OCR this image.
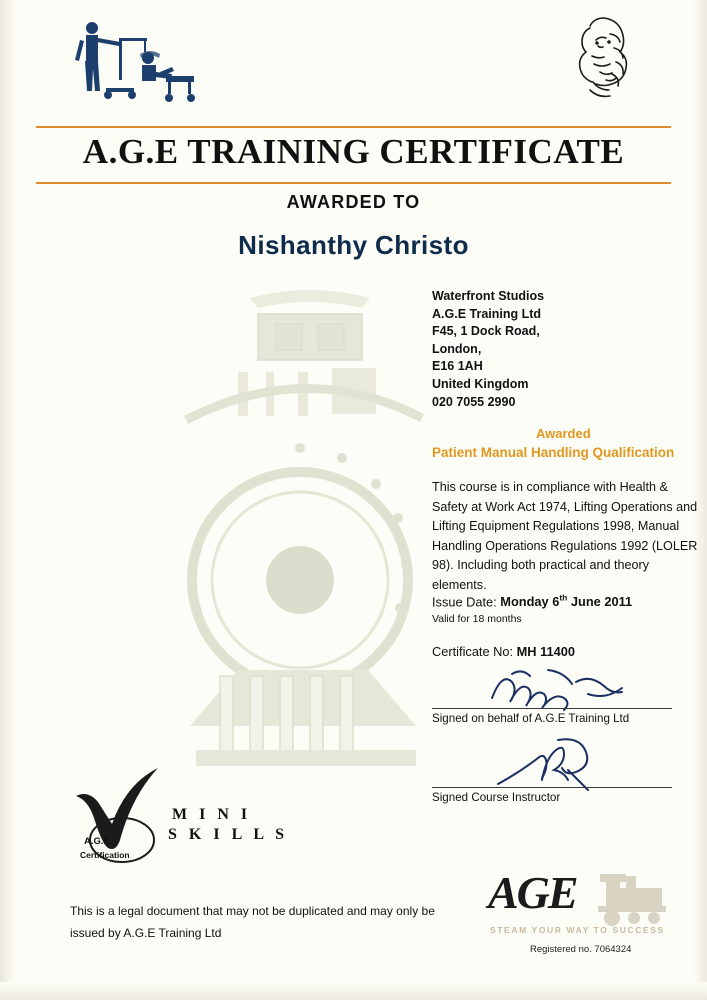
A.G.E TRAINING CERTIFICATE
AWARDED TO
Nishanthy Christo
Waterfront Studios
A.G.E Training Ltd
F45, 1 Dock Road,
London,
E16 1AH
United Kingdom
020 7055 2990
Awarded
Patient Manual Handling Qualification
This course is in compliance with Health & Safety at Work Act 1974, Lifting Operations and Lifting Equipment Regulations 1998, Manual Handling Operations Regulations 1992 (LOLER 98). Including both practical and theory elements.
Issue Date: Monday 6th June 2011
Valid for 18 months
Certificate No: MH 11400
Signed on behalf of A.G.E Training Ltd
Signed Course Instructor
A.G.E
Certification
M I N I
S K I L L S
This is a legal document that may not be duplicated and may only be issued by A.G.E Training Ltd
AGE
STEAM YOUR WAY TO SUCCESS
Registered no. 7064324
